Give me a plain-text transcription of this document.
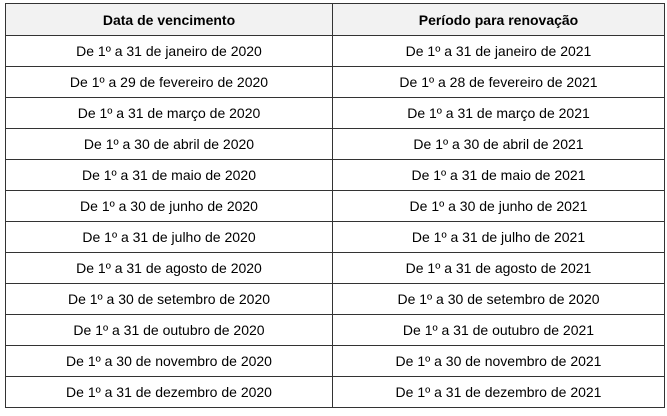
Data de vencimento	Período para renovação
De 1º a 31 de janeiro de 2020	De 1º a 31 de janeiro de 2021
De 1º a 29 de fevereiro de 2020	De 1º a 28 de fevereiro de 2021
De 1º a 31 de março de 2020	De 1º a 31 de março de 2021
De 1º a 30 de abril de 2020	De 1º a 30 de abril de 2021
De 1º a 31 de maio de 2020	De 1º a 31 de maio de 2021
De 1º a 30 de junho de 2020	De 1º a 30 de junho de 2021
De 1º a 31 de julho de 2020	De 1º a 31 de julho de 2021
De 1º a 31 de agosto de 2020	De 1º a 31 de agosto de 2021
De 1º a 30 de setembro de 2020	De 1º a 30 de setembro de 2020
De 1º a 31 de outubro de 2020	De 1º a 31 de outubro de 2021
De 1º a 30 de novembro de 2020	De 1º a 30 de novembro de 2021
De 1º a 31 de dezembro de 2020	De 1º a 31 de dezembro de 2021
